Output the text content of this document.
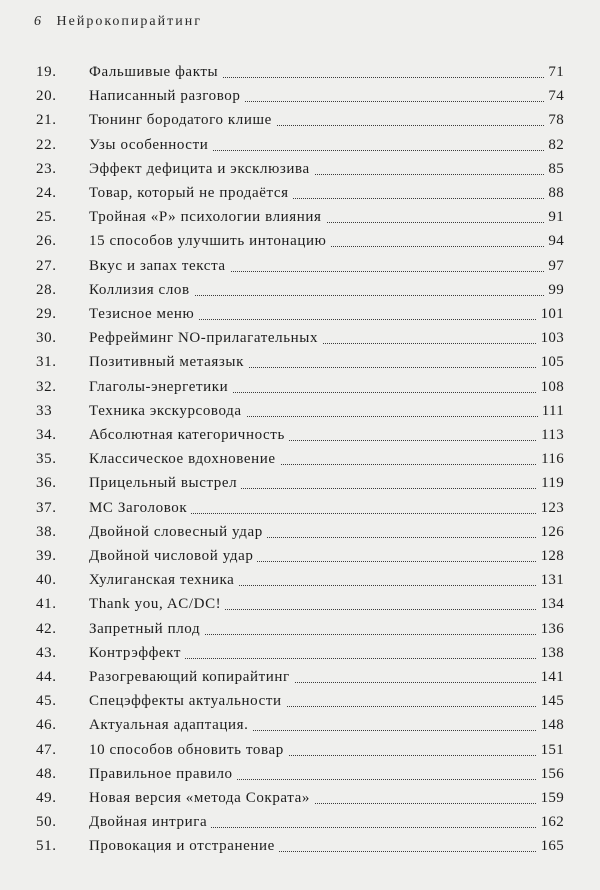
6 Нейрокопирайтинг
19. Фальшивые факты	71
20. Написанный разговор	74
21. Тюнинг бородатого клише	78
22. Узы особенности	82
23. Эффект дефицита и эксклюзива	85
24. Товар, который не продаётся	88
25. Тройная «Р» психологии влияния	91
26. 15 способов улучшить интонацию	94
27. Вкус и запах текста	97
28. Коллизия слов	99
29. Тезисное меню	101
30. Рефрейминг NO-прилагательных	103
31. Позитивный метаязык	105
32. Глаголы-энергетики	108
33 Техника экскурсовода	111
34. Абсолютная категоричность	113
35. Классическое вдохновение	116
36. Прицельный выстрел	119
37. МС Заголовок	123
38. Двойной словесный удар	126
39. Двойной числовой удар	128
40. Хулиганская техника	131
41. Thank you, AC/DC!	134
42. Запретный плод	136
43. Контрэффект	138
44. Разогревающий копирайтинг	141
45. Спецэффекты актуальности	145
46. Актуальная адаптация.	148
47. 10 способов обновить товар	151
48. Правильное правило	156
49. Новая версия «метода Сократа»	159
50. Двойная интрига	162
51. Провокация и отстранение	165
